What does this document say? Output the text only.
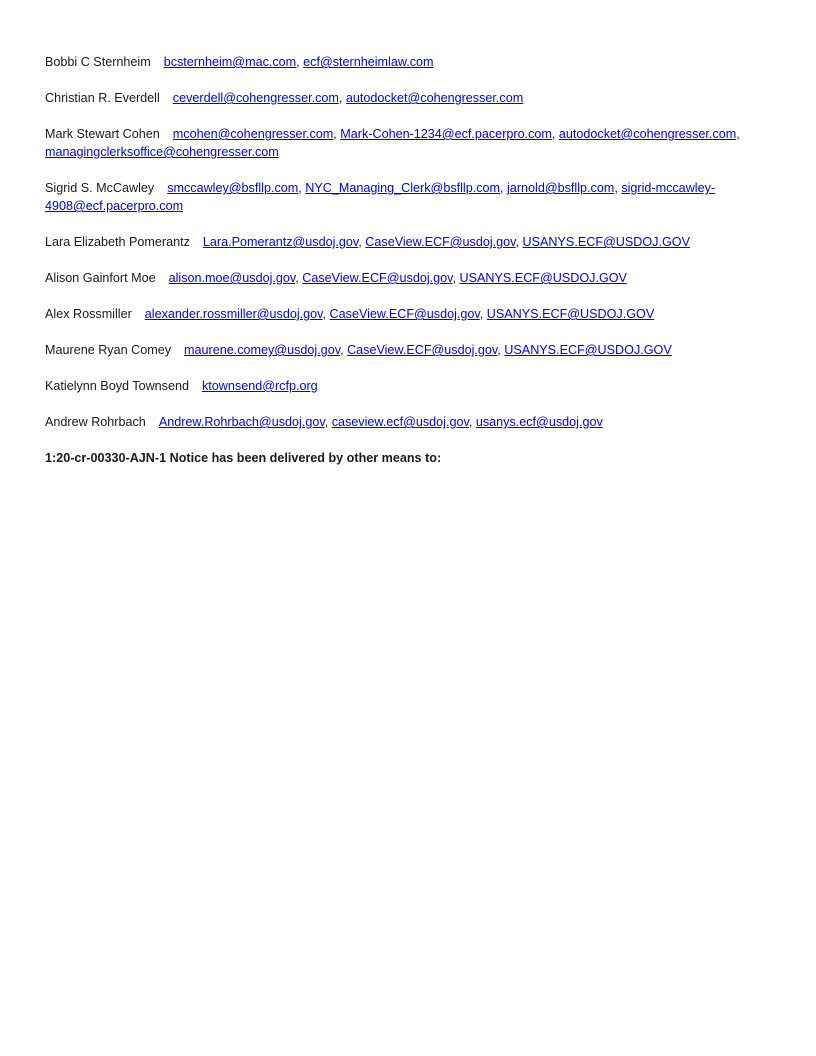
Bobbi C Sternheim bcsternheim@mac.com, ecf@sternheimlaw.com

Christian R. Everdell ceverdell@cohengresser.com, autodocket@cohengresser.com

Mark Stewart Cohen mcohen@cohengresser.com, Mark-Cohen-1234@ecf.pacerpro.com, autodocket@cohengresser.com, managingclerksoffice@cohengresser.com

Sigrid S. McCawley smccawley@bsfllp.com, NYC_Managing_Clerk@bsfllp.com, jarnold@bsfllp.com, sigrid-mccawley-4908@ecf.pacerpro.com

Lara Elizabeth Pomerantz Lara.Pomerantz@usdoj.gov, CaseView.ECF@usdoj.gov, USANYS.ECF@USDOJ.GOV

Alison Gainfort Moe alison.moe@usdoj.gov, CaseView.ECF@usdoj.gov, USANYS.ECF@USDOJ.GOV

Alex Rossmiller alexander.rossmiller@usdoj.gov, CaseView.ECF@usdoj.gov, USANYS.ECF@USDOJ.GOV

Maurene Ryan Comey maurene.comey@usdoj.gov, CaseView.ECF@usdoj.gov, USANYS.ECF@USDOJ.GOV

Katielynn Boyd Townsend ktownsend@rcfp.org

Andrew Rohrbach Andrew.Rohrbach@usdoj.gov, caseview.ecf@usdoj.gov, usanys.ecf@usdoj.gov

1:20-cr-00330-AJN-1 Notice has been delivered by other means to:
